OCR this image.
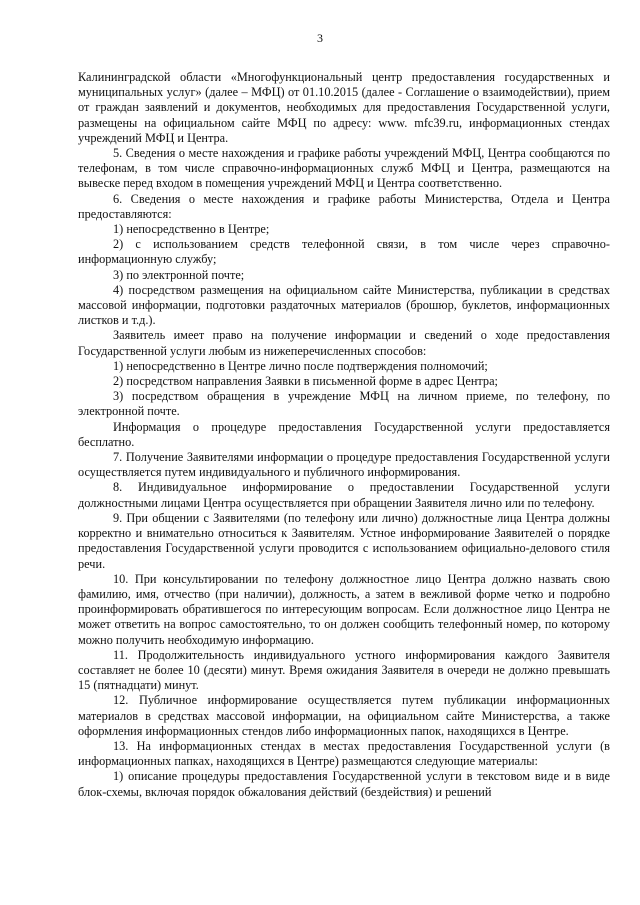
3

Калининградской области «Многофункциональный центр предоставления государственных и муниципальных услуг» (далее – МФЦ) от 01.10.2015 (далее - Соглашение о взаимодействии), прием от граждан заявлений и документов, необходимых для предоставления Государственной услуги, размещены на официальном сайте МФЦ по адресу: www. mfc39.ru, информационных стендах учреждений МФЦ и Центра.

5. Сведения о месте нахождения и графике работы учреждений МФЦ, Центра сообщаются по телефонам, в том числе справочно-информационных служб МФЦ и Центра, размещаются на вывеске перед входом в помещения учреждений МФЦ и Центра соответственно.

6. Сведения о месте нахождения и графике работы Министерства, Отдела и Центра предоставляются:

1) непосредственно в Центре;

2) с использованием средств телефонной связи, в том числе через справочно-информационную службу;

3) по электронной почте;

4) посредством размещения на официальном сайте Министерства, публикации в средствах массовой информации, подготовки раздаточных материалов (брошюр, буклетов, информационных листков и т.д.).

Заявитель имеет право на получение информации и сведений о ходе предоставления Государственной услуги любым из нижеперечисленных способов:

1) непосредственно в Центре лично после подтверждения полномочий;

2) посредством направления Заявки в письменной форме в адрес Центра;

3) посредством обращения в учреждение МФЦ на личном приеме, по телефону, по электронной почте.

Информация о процедуре предоставления Государственной услуги предоставляется бесплатно.

7. Получение Заявителями информации о процедуре предоставления Государственной услуги осуществляется путем индивидуального и публичного информирования.

8. Индивидуальное информирование о предоставлении Государственной услуги должностными лицами Центра осуществляется при обращении Заявителя лично или по телефону.

9. При общении с Заявителями (по телефону или лично) должностные лица Центра должны корректно и внимательно относиться к Заявителям. Устное информирование Заявителей о порядке предоставления Государственной услуги проводится с использованием официально-делового стиля речи.

10. При консультировании по телефону должностное лицо Центра должно назвать свою фамилию, имя, отчество (при наличии), должность, а затем в вежливой форме четко и подробно проинформировать обратившегося по интересующим вопросам. Если должностное лицо Центра не может ответить на вопрос самостоятельно, то он должен сообщить телефонный номер, по которому можно получить необходимую информацию.

11. Продолжительность индивидуального устного информирования каждого Заявителя составляет не более 10 (десяти) минут. Время ожидания Заявителя в очереди не должно превышать 15 (пятнадцати) минут.

12. Публичное информирование осуществляется путем публикации информационных материалов в средствах массовой информации, на официальном сайте Министерства, а также оформления информационных стендов либо информационных папок, находящихся в Центре.

13. На информационных стендах в местах предоставления Государственной услуги (в информационных папках, находящихся в Центре) размещаются следующие материалы:

1) описание процедуры предоставления Государственной услуги в текстовом виде и в виде блок-схемы, включая порядок обжалования действий (бездействия) и решений
